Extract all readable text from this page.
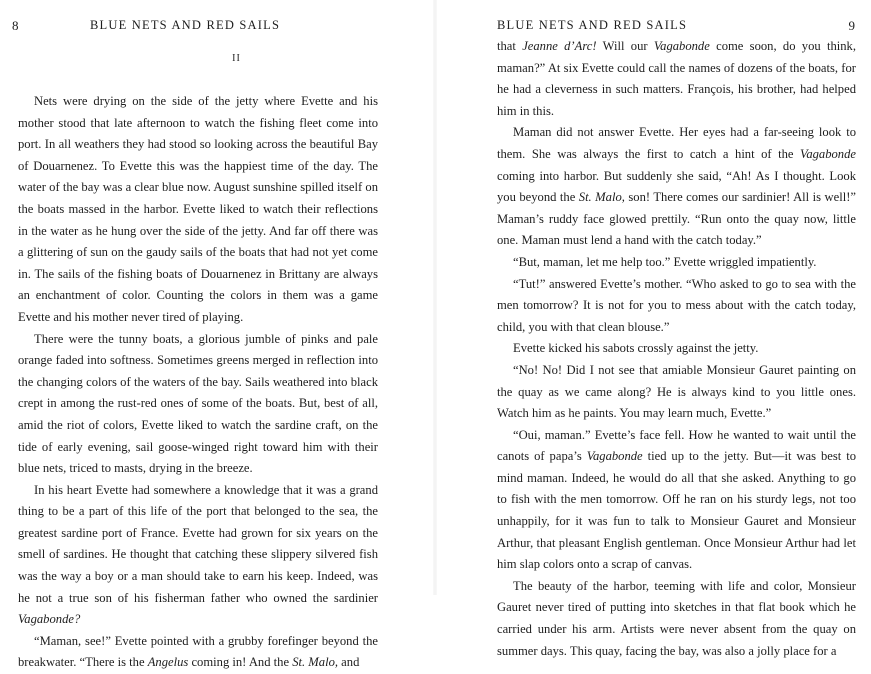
8	BLUE NETS AND RED SAILS
II

Nets were drying on the side of the jetty where Evette and his mother stood that late afternoon to watch the fishing fleet come into port. In all weathers they had stood so looking across the beautiful Bay of Douarnenez. To Evette this was the happiest time of the day. The water of the bay was a clear blue now. August sunshine spilled itself on the boats massed in the harbor. Evette liked to watch their reflections in the water as he hung over the side of the jetty. And far off there was a glittering of sun on the gaudy sails of the boats that had not yet come in. The sails of the fishing boats of Douarnenez in Brittany are always an enchantment of color. Counting the colors in them was a game Evette and his mother never tired of playing.

There were the tunny boats, a glorious jumble of pinks and pale orange faded into softness. Sometimes greens merged in reflection into the changing colors of the waters of the bay. Sails weathered into black crept in among the rust-red ones of some of the boats. But, best of all, amid the riot of colors, Evette liked to watch the sardine craft, on the tide of early evening, sail goose-winged right toward him with their blue nets, triced to masts, drying in the breeze.

In his heart Evette had somewhere a knowledge that it was a grand thing to be a part of this life of the port that belonged to the sea, the greatest sardine port of France. Evette had grown for six years on the smell of sardines. He thought that catching these slippery silvered fish was the way a boy or a man should take to earn his keep. Indeed, was he not a true son of his fisherman father who owned the sardinier Vagabonde?

“Maman, see!” Evette pointed with a grubby forefinger beyond the breakwater. “There is the Angelus coming in! And the St. Malo, and

BLUE NETS AND RED SAILS	9

that Jeanne d’Arc! Will our Vagabonde come soon, do you think, maman?” At six Evette could call the names of dozens of the boats, for he had a cleverness in such matters. François, his brother, had helped him in this.

Maman did not answer Evette. Her eyes had a far-seeing look to them. She was always the first to catch a hint of the Vagabonde coming into harbor. But suddenly she said, “Ah! As I thought. Look you beyond the St. Malo, son! There comes our sardinier! All is well!” Maman’s ruddy face glowed prettily. “Run onto the quay now, little one. Maman must lend a hand with the catch today.”

“But, maman, let me help too.” Evette wriggled impatiently.

“Tut!” answered Evette’s mother. “Who asked to go to sea with the men tomorrow? It is not for you to mess about with the catch today, child, you with that clean blouse.”

Evette kicked his sabots crossly against the jetty.

“No! No! Did I not see that amiable Monsieur Gauret painting on the quay as we came along? He is always kind to you little ones. Watch him as he paints. You may learn much, Evette.”

“Oui, maman.” Evette’s face fell. How he wanted to wait until the canots of papa’s Vagabonde tied up to the jetty. But—it was best to mind maman. Indeed, he would do all that she asked. Anything to go to fish with the men tomorrow. Off he ran on his sturdy legs, not too unhappily, for it was fun to talk to Monsieur Gauret and Monsieur Arthur, that pleasant English gentleman. Once Monsieur Arthur had let him slap colors onto a scrap of canvas.

The beauty of the harbor, teeming with life and color, Monsieur Gauret never tired of putting into sketches in that flat book which he carried under his arm. Artists were never absent from the quay on summer days. This quay, facing the bay, was also a jolly place for a
